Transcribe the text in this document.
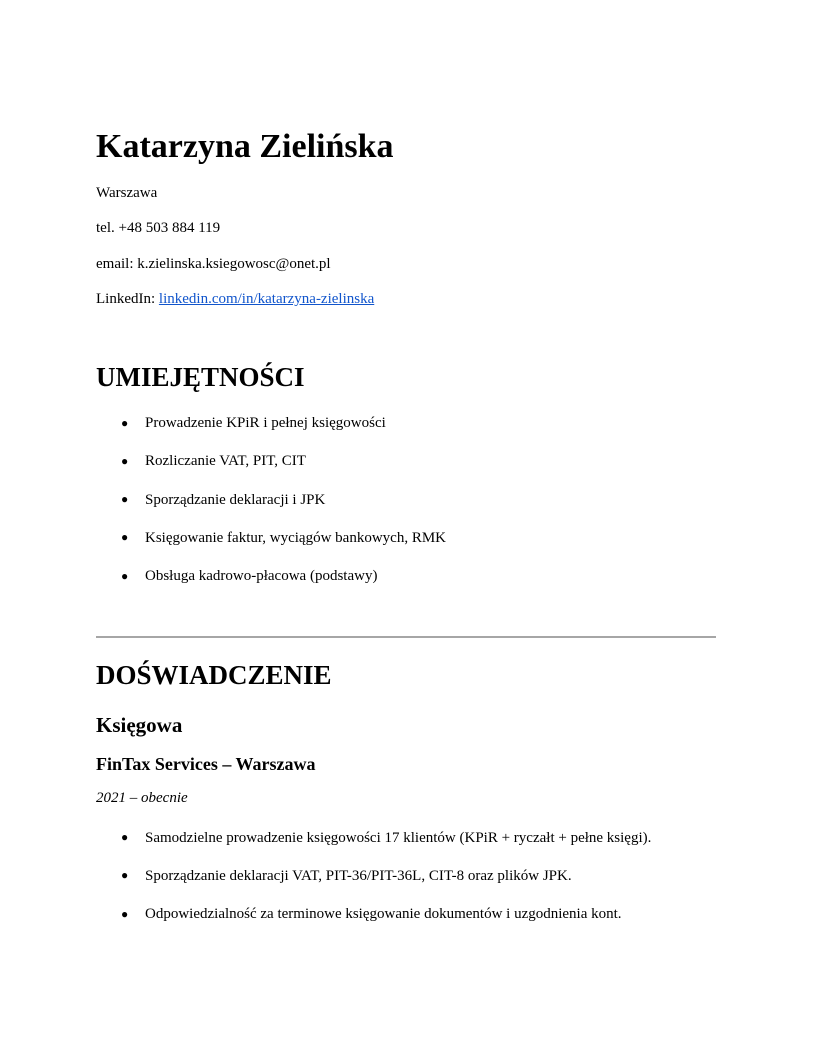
Katarzyna Zielińska

Warszawa

tel. +48 503 884 119

email: k.zielinska.ksiegowosc@onet.pl

LinkedIn: linkedin.com/in/katarzyna-zielinska

UMIEJĘTNOŚCI
● Prowadzenie KPiR i pełnej księgowości
● Rozliczanie VAT, PIT, CIT
● Sporządzanie deklaracji i JPK
● Księgowanie faktur, wyciągów bankowych, RMK
● Obsługa kadrowo-płacowa (podstawy)
DOŚWIADCZENIE
Księgowa
FinTax Services – Warszawa

2021 – obecnie

● Samodzielne prowadzenie księgowości 17 klientów (KPiR + ryczałt + pełne księgi).
● Sporządzanie deklaracji VAT, PIT-36/PIT-36L, CIT-8 oraz plików JPK.
● Odpowiedzialność za terminowe księgowanie dokumentów i uzgodnienia kont.
